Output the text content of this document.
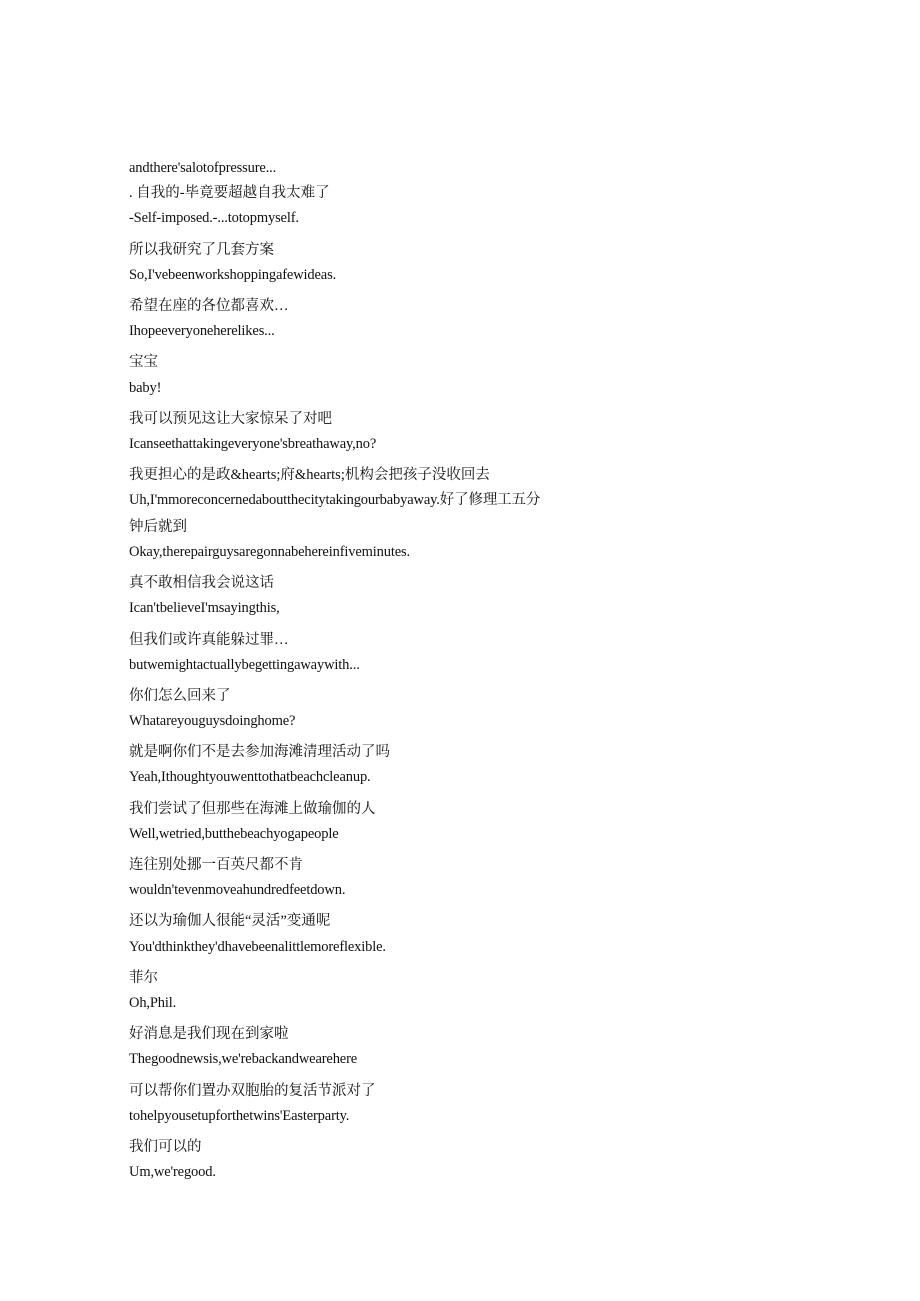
andthere'salotofpressure...
. 自我的-毕竟要超越自我太难了
-Self-imposed.-...totopmyself.
所以我研究了几套方案
So,I'vebeenworkshoppingafewideas.
希望在座的各位都喜欢…
Ihopeeveryoneherelikes...
宝宝
baby!
我可以预见这让大家惊呆了对吧
Icanseethattakingeveryone'sbreathaway,no?
我更担心的是政&hearts;府&hearts;机构会把孩子没收回去
Uh,I'mmoreconcernedaboutthecitytakingourbabyaway.好了修理工五分
钟后就到
Okay,therepairguysaregonnabehereinfiveminutes.
真不敢相信我会说这话
Ican'tbelieveI'msayingthis,
但我们或许真能躲过罪…
butwemightactuallybegettingawaywith...
你们怎么回来了
Whatareyouguysdoinghome?
就是啊你们不是去参加海滩清理活动了吗
Yeah,Ithoughtyouwenttothatbeachcleanup.
我们尝试了但那些在海滩上做瑜伽的人
Well,wetried,butthebeachyogapeople
连往别处挪一百英尺都不肯
wouldn'tevenmoveahundredfeetdown.
还以为瑜伽人很能“灵活”变通呢
You'dthinkthey'dhavebeenalittlemoreflexible.
菲尔
Oh,Phil.
好消息是我们现在到家啦
Thegoodnewsis,we'rebackandwearehere
可以帮你们置办双胞胎的复活节派对了
tohelpyousetupforthetwins'Easterparty.
我们可以的
Um,we'regood.
